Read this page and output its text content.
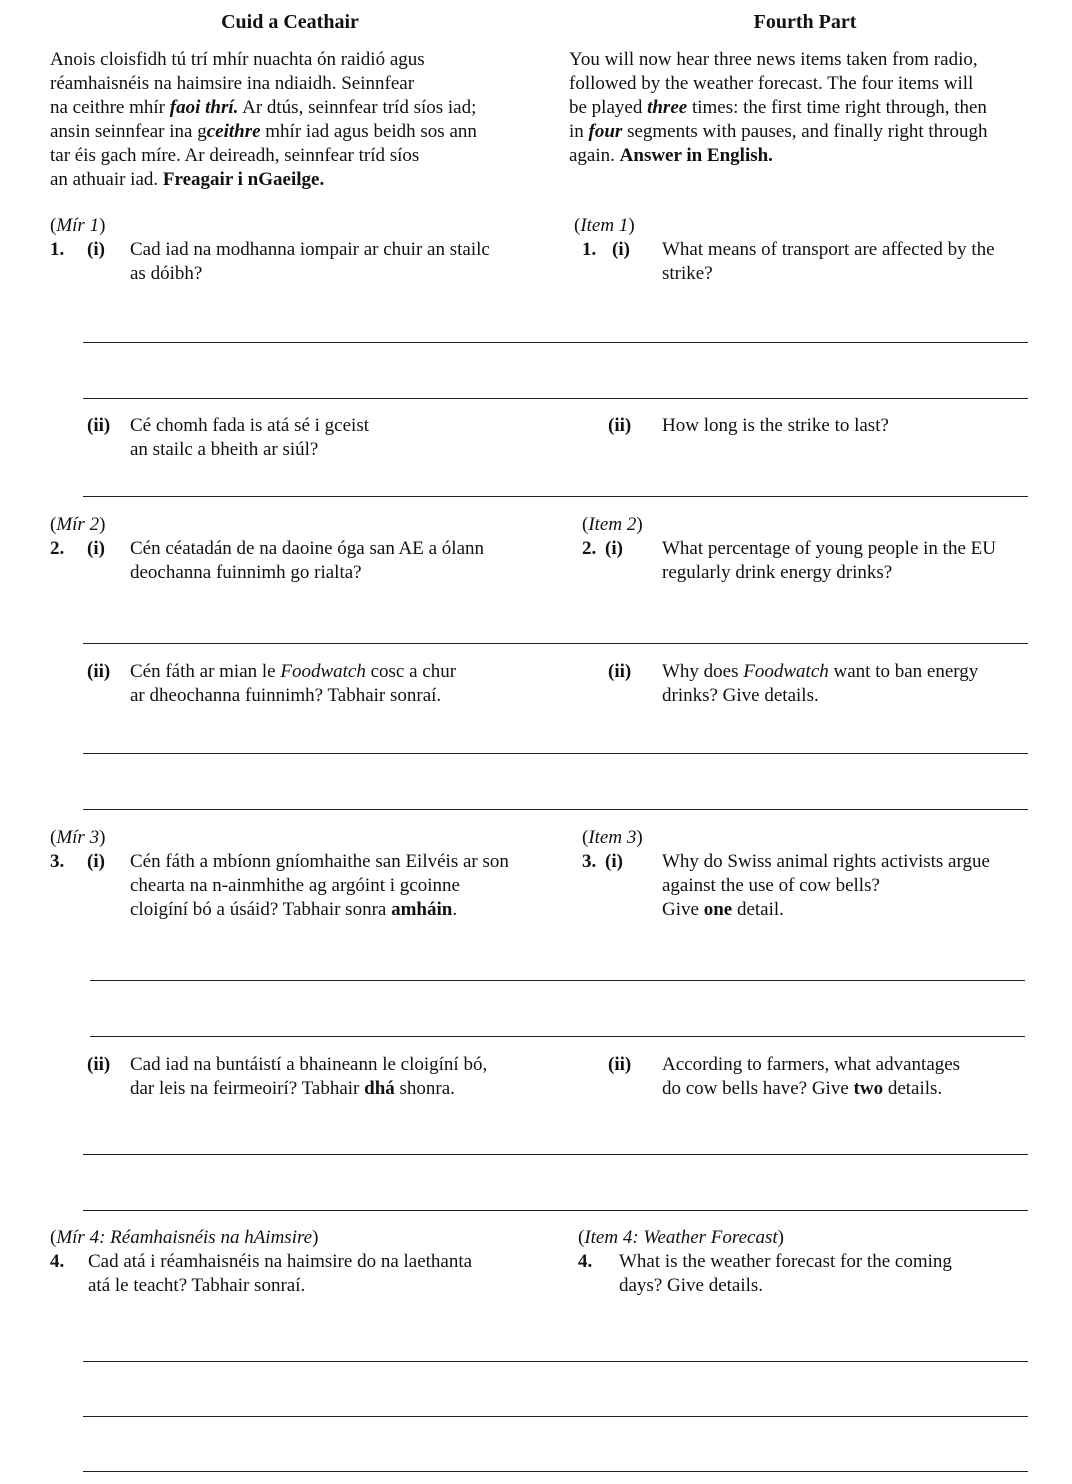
Cuid a Ceathair	Fourth Part
Anois cloisfidh tú trí mhír nuachta ón raidió agus
réamhaisnéis na haimsire ina ndiaidh. Seinnfear
na ceithre mhír faoi thrí. Ar dtús, seinnfear tríd síos iad;
ansin seinnfear ina gceithre mhír iad agus beidh sos ann
tar éis gach míre. Ar deireadh, seinnfear tríd síos
an athuair iad. Freagair i nGaeilge.
You will now hear three news items taken from radio,
followed by the weather forecast. The four items will
be played three times: the first time right through, then
in four segments with pauses, and finally right through
again. Answer in English.
(Mír 1)	(Item 1)
1. (i) Cad iad na modhanna iompair ar chuir an stailc
as dóibh?
1. (i) What means of transport are affected by the
strike?
(ii) Cé chomh fada is atá sé i gceist
an stailc a bheith ar siúl?
(ii) How long is the strike to last?
(Mír 2)	(Item 2)
2. (i) Cén céatadán de na daoine óga san AE a ólann
deochanna fuinnimh go rialta?
2. (i) What percentage of young people in the EU
regularly drink energy drinks?
(ii) Cén fáth ar mian le Foodwatch cosc a chur
ar dheochanna fuinnimh? Tabhair sonraí.
(ii) Why does Foodwatch want to ban energy
drinks? Give details.
(Mír 3)	(Item 3)
3. (i) Cén fáth a mbíonn gníomhaithe san Eilvéis ar son
chearta na n-ainmhithe ag argóint i gcoinne
cloigíní bó a úsáid? Tabhair sonra amháin.
3. (i) Why do Swiss animal rights activists argue
against the use of cow bells?
Give one detail.
(ii) Cad iad na buntáistí a bhaineann le cloigíní bó,
dar leis na feirmeoirí? Tabhair dhá shonra.
(ii) According to farmers, what advantages
do cow bells have? Give two details.
(Mír 4: Réamhaisnéis na hAimsire)	(Item 4: Weather Forecast)
4. Cad atá i réamhaisnéis na haimsire do na laethanta
atá le teacht? Tabhair sonraí.
4. What is the weather forecast for the coming
days? Give details.
